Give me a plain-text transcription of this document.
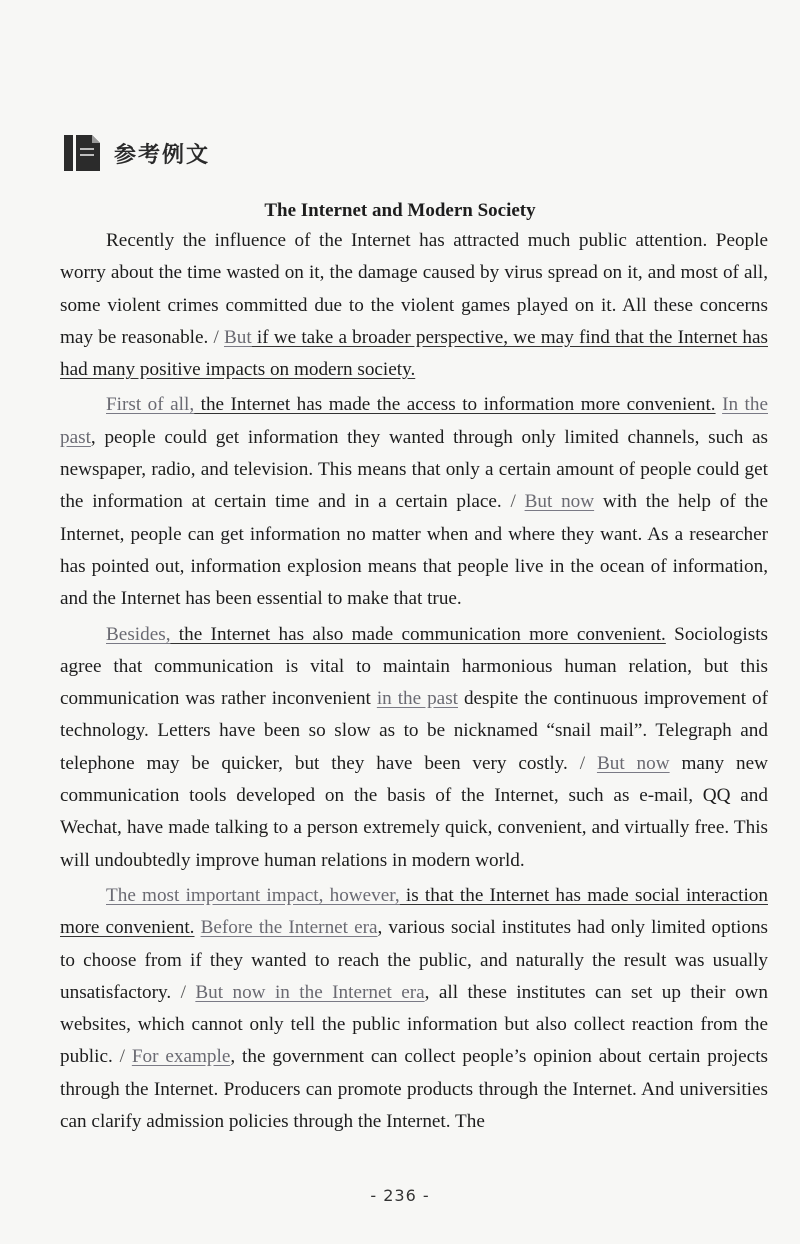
参考例文
The Internet and Modern Society

Recently the influence of the Internet has attracted much public attention. People worry about the time wasted on it, the damage caused by virus spread on it, and most of all, some violent crimes committed due to the violent games played on it. All these concerns may be reasonable. / But if we take a broader perspective, we may find that the Internet has had many positive impacts on modern society.

First of all, the Internet has made the access to information more convenient. In the past, people could get information they wanted through only limited channels, such as newspaper, radio, and television. This means that only a certain amount of people could get the information at certain time and in a certain place. / But now with the help of the Internet, people can get information no matter when and where they want. As a researcher has pointed out, information explosion means that people live in the ocean of information, and the Internet has been essential to make that true.

Besides, the Internet has also made communication more convenient. Sociologists agree that communication is vital to maintain harmonious human relation, but this communication was rather inconvenient in the past despite the continuous improvement of technology. Letters have been so slow as to be nicknamed “snail mail”. Telegraph and telephone may be quicker, but they have been very costly. / But now many new communication tools developed on the basis of the Internet, such as e-mail, QQ and Wechat, have made talking to a person extremely quick, convenient, and virtually free. This will undoubtedly improve human relations in modern world.

The most important impact, however, is that the Internet has made social interaction more convenient. Before the Internet era, various social institutes had only limited options to choose from if they wanted to reach the public, and naturally the result was usually unsatisfactory. / But now in the Internet era, all these institutes can set up their own websites, which cannot only tell the public information but also collect reaction from the public. / For example, the government can collect people’s opinion about certain projects through the Internet. Producers can promote products through the Internet. And universities can clarify admission policies through the Internet. The

- 236 -
